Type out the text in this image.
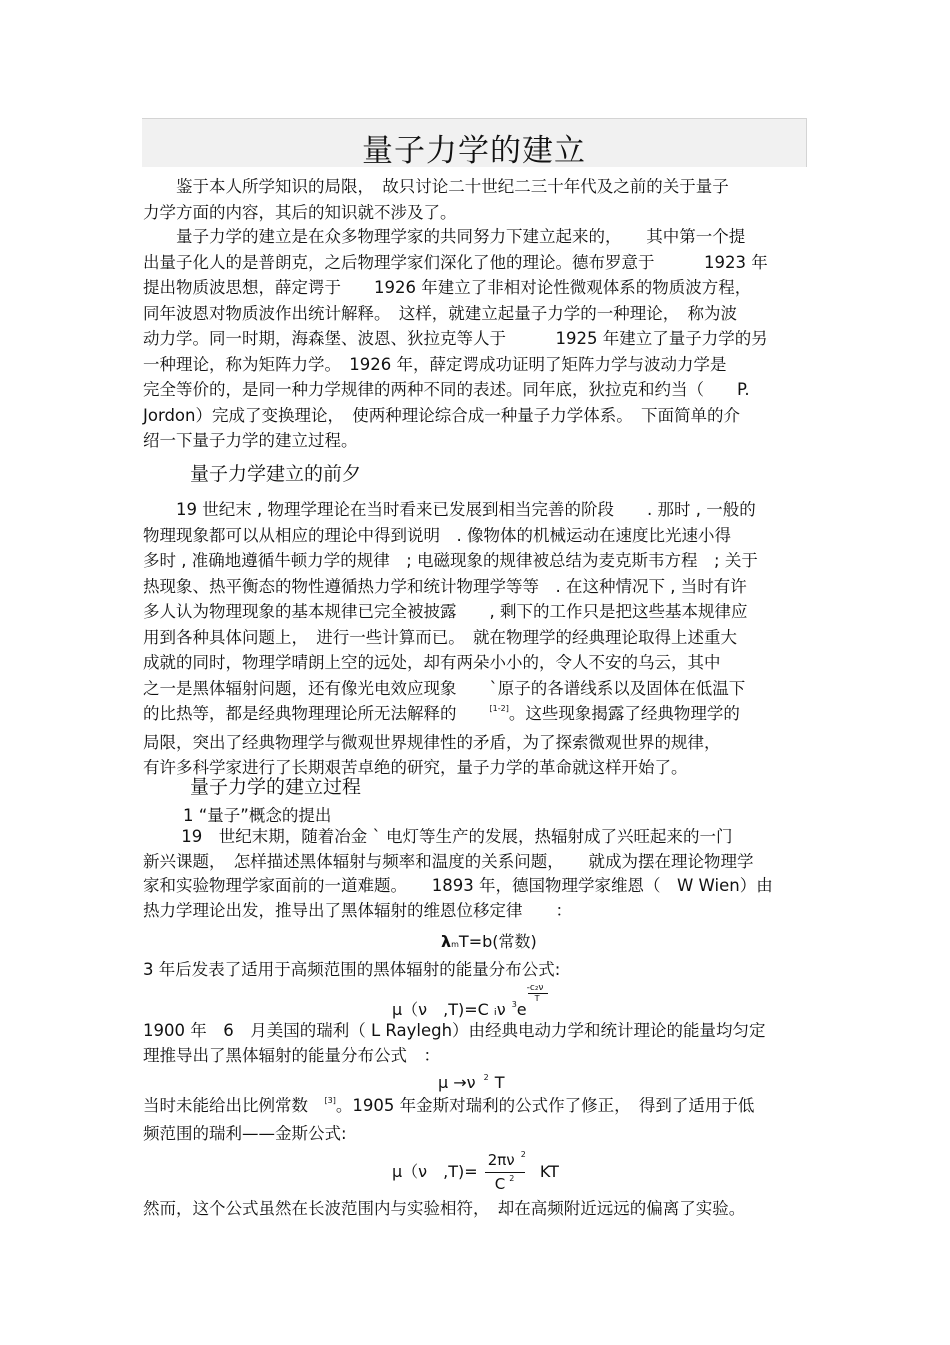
量子力学的建立
　　鉴于本人所学知识的局限，　故只讨论二十世纪二三十年代及之前的关于量子
力学方面的内容，其后的知识就不涉及了。
　　量子力学的建立是在众多物理学家的共同努力下建立起来的，　　其中第一个提
出量子化人的是普朗克，之后物理学家们深化了他的理论。德布罗意于　　　1923 年
提出物质波思想，薛定谔于　　1926 年建立了非相对论性微观体系的物质波方程，
同年波恩对物质波作出统计解释。　这样，就建立起量子力学的一种理论，　称为波
动力学。同一时期，海森堡、波恩、狄拉克等人于　　　1925 年建立了量子力学的另
一种理论，称为矩阵力学。　1926 年，薛定谔成功证明了矩阵力学与波动力学是
完全等价的，是同一种力学规律的两种不同的表述。同年底，狄拉克和约当（　　P.
Jordon）完成了变换理论，　使两种理论综合成一种量子力学体系。　下面简单的介
绍一下量子力学的建立过程。
量子力学建立的前夕
　　19 世纪末 , 物理学理论在当时看来已发展到相当完善的阶段　　. 那时 , 一般的
物理现象都可以从相应的理论中得到说明　. 像物体的机械运动在速度比光速小得
多时 , 准确地遵循牛顿力学的规律　; 电磁现象的规律被总结为麦克斯韦方程　; 关于
热现象、热平衡态的物性遵循热力学和统计物理学等等　. 在这种情况下 , 当时有许
多人认为物理现象的基本规律已完全被披露　　, 剩下的工作只是把这些基本规律应
用到各种具体问题上，　进行一些计算而已。　就在物理学的经典理论取得上述重大
成就的同时，物理学晴朗上空的远处，却有两朵小小的，令人不安的乌云，其中
之一是黑体辐射问题，还有像光电效应现象　　`原子的各谱线系以及固体在低温下
的比热等，都是经典物理理论所无法解释的　　[1-2]。这些现象揭露了经典物理学的
局限，突出了经典物理学与微观世界规律性的矛盾，为了探索微观世界的规律，
有许多科学家进行了长期艰苦卓绝的研究，量子力学的革命就这样开始了。
量子力学的建立过程
1 “量子”概念的提出
　　 19　世纪末期，随着冶金 ` 电灯等生产的发展，热辐射成了兴旺起来的一门
新兴课题，　怎样描述黑体辐射与频率和温度的关系问题，　　就成为摆在理论物理学
家和实验物理学家面前的一道难题。　　1893 年，德国物理学家维恩（　W Wien）由
热力学理论出发，推导出了黑体辐射的维恩位移定律　　：
λmT=b(常数)
3 年后发表了适用于高频范围的黑体辐射的能量分布公式:
μ（ν　,T)=C ᵢν $^3e \frac{\text{-c₂ν}}{T}$
1900 年　6　月美国的瑞利（ L Raylegh）由经典电动力学和统计理论的能量均匀定
理推导出了黑体辐射的能量分布公式　：
μ →ν $^2$ T
当时未能给出比例常数　[3]。1905 年金斯对瑞利的公式作了修正，　得到了适用于低
频范围的瑞利——金斯公式:
μ（ν　$,T)= \frac{2\pi\nu ^2}{C ^2}$ KT
然而，这个公式虽然在长波范围内与实验相符，　却在高频附近远远的偏离了实验。
